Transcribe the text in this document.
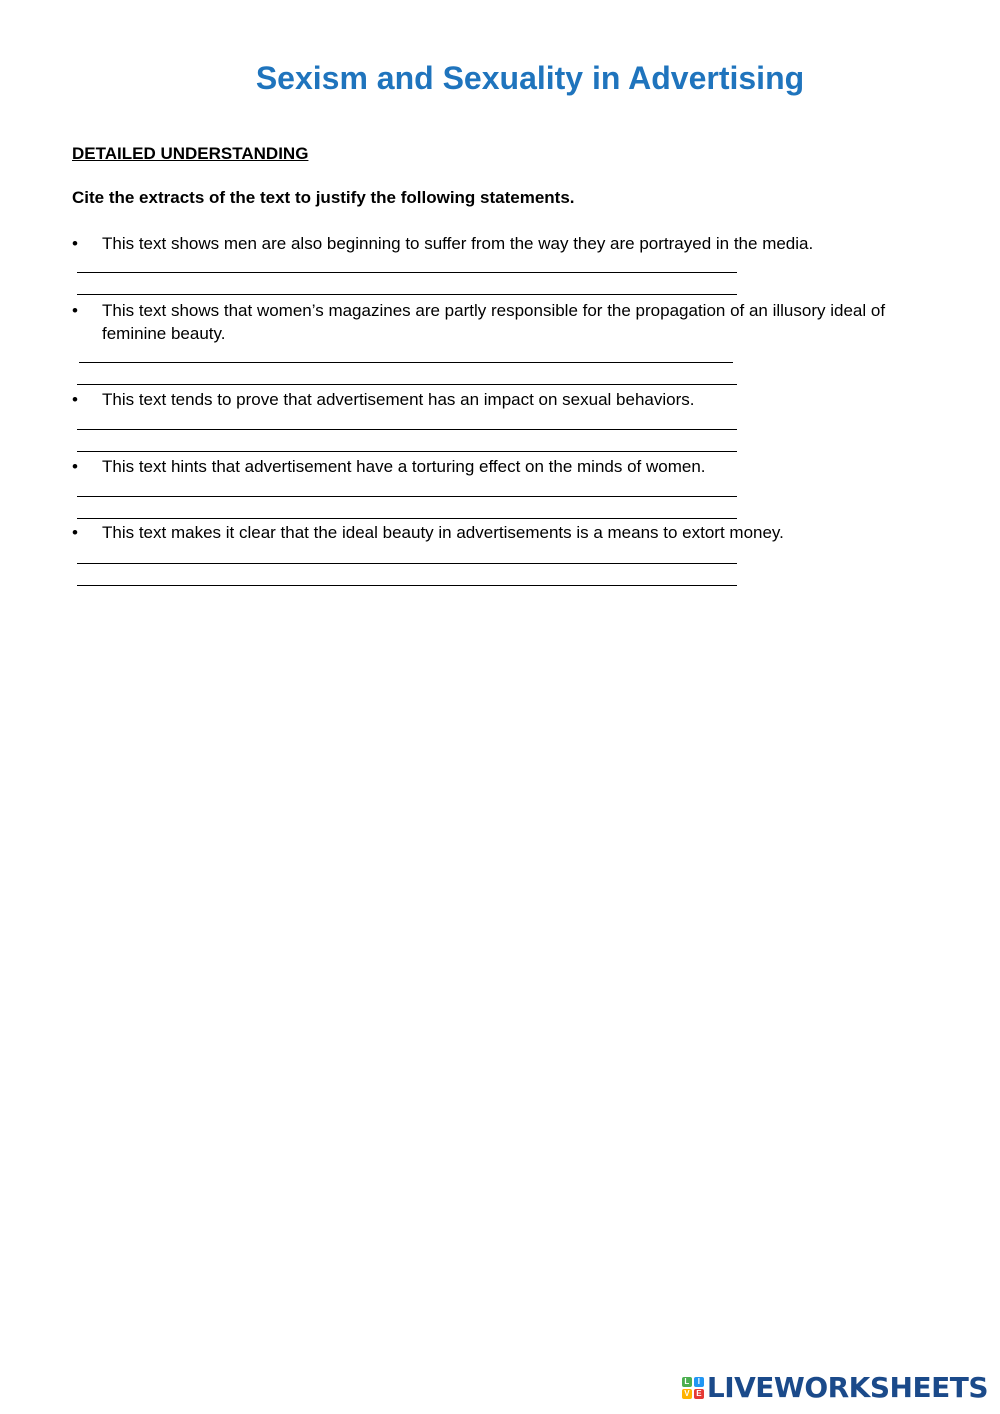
Sexism and Sexuality in Advertising

DETAILED UNDERSTANDING

Cite the extracts of the text to justify the following statements.

• This text shows men are also beginning to suffer from the way they are portrayed in the media.
• This text shows that women’s magazines are partly responsible for the propagation of an illusory ideal of feminine beauty.
• This text tends to prove that advertisement has an impact on sexual behaviors.
• This text hints that advertisement have a torturing effect on the minds of women.
• This text makes it clear that the ideal beauty in advertisements is a means to extort money.
L	I
V E LIVEWORKSHEETS
